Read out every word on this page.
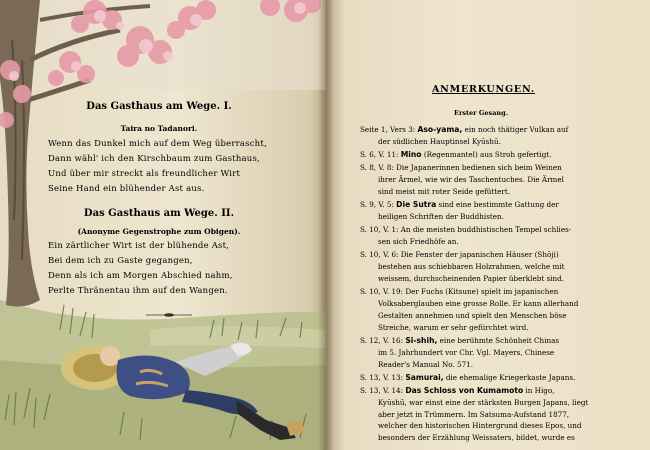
Das Gasthaus am Wege. I.
Taira no Tadanori.
Wenn das Dunkel mich auf dem Weg überrascht,
Dann wähl' ich den Kirschbaum zum Gasthaus,
Und über mir streckt als freundlicher Wirt
Seine Hand ein blühender Ast aus.
Das Gasthaus am Wege. II.
(Anonyme Gegenstrophe zum Obigen).
Ein zärtlicher Wirt ist der blühende Ast,
Bei dem ich zu Gaste gegangen,
Denn als ich am Morgen Abschied nahm,
Perlte Thränentau ihm auf den Wangen.
ANMERKUNGEN.
Erster Gesang.
Seite 1, Vers 3: Aso-yama, ein noch thätiger Vulkan auf
der südlichen Hauptinsel Kyūshū.
S. 6, V. 11: Mino (Regenmantel) aus Stroh gefertigt.
S. 8, V. 8: Die Japanerinnen bedienen sich beim Weinen
ihrer Ärmel, wie wir des Taschentuches. Die Ärmel
sind meist mit roter Seide gefüttert.
S. 9, V. 5: Die Sutra sind eine bestimmte Gattung der
heiligen Schriften der Buddhisten.
S. 10, V. 1: An die meisten buddhistischen Tempel schlies-
sen sich Friedhöfe an.
S. 10, V. 6: Die Fenster der japanischen Häuser (Shōji)
bestehen aus schiebbaren Holzrahmen, welche mit
weissem, durchscheinenden Papier überklebt sind.
S. 10, V. 19: Der Fuchs (Kitsune) spielt im japanischen
Volksaberglauben eine grosse Rolle. Er kann allerhand
Gestalten annehmen und spielt den Menschen böse
Streiche, warum er sehr gefürchtet wird.
S. 12, V. 16: Si-shih, eine berühmte Schönheit Chinas
im 5. Jahrhundert vor Chr. Vgl. Mayers, Chinese
Reader's Manual No. 571.
S. 13, V. 13: Samurai, die ehemalige Kriegerkaste Japans.
S. 13, V. 14: Das Schloss von Kumamoto in Higo,
Kyūshū, war einst eine der stärksten Burgen Japans, liegt
aber jetzt in Trümmern. Im Satsuma-Aufstand 1877,
welcher den historischen Hintergrund dieses Epos, und
besonders der Erzählung Weissaters, bildet, wurde es
